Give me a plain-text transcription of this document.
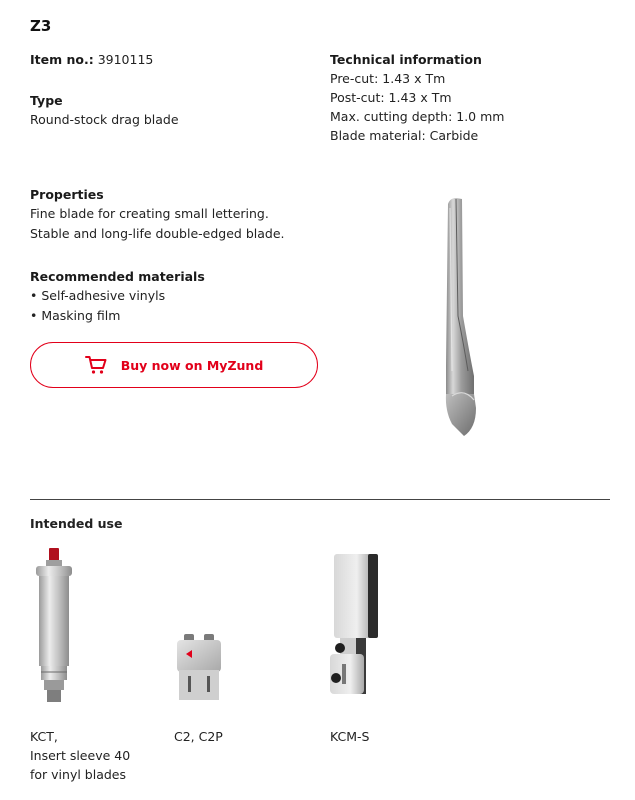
Z3
Item no.: 3910115
Type
Round-stock drag blade
Technical information
Pre-cut: 1.43 x Tm
Post-cut: 1.43 x Tm
Max. cutting depth: 1.0 mm
Blade material: Carbide
Properties
Fine blade for creating small lettering.
Stable and long-life double-edged blade.
Recommended materials
• Self-adhesive vinyls
• Masking film
Buy now on MyZund
Intended use
KCT,
Insert sleeve 40
for vinyl blades
C2, C2P	KCM-S
